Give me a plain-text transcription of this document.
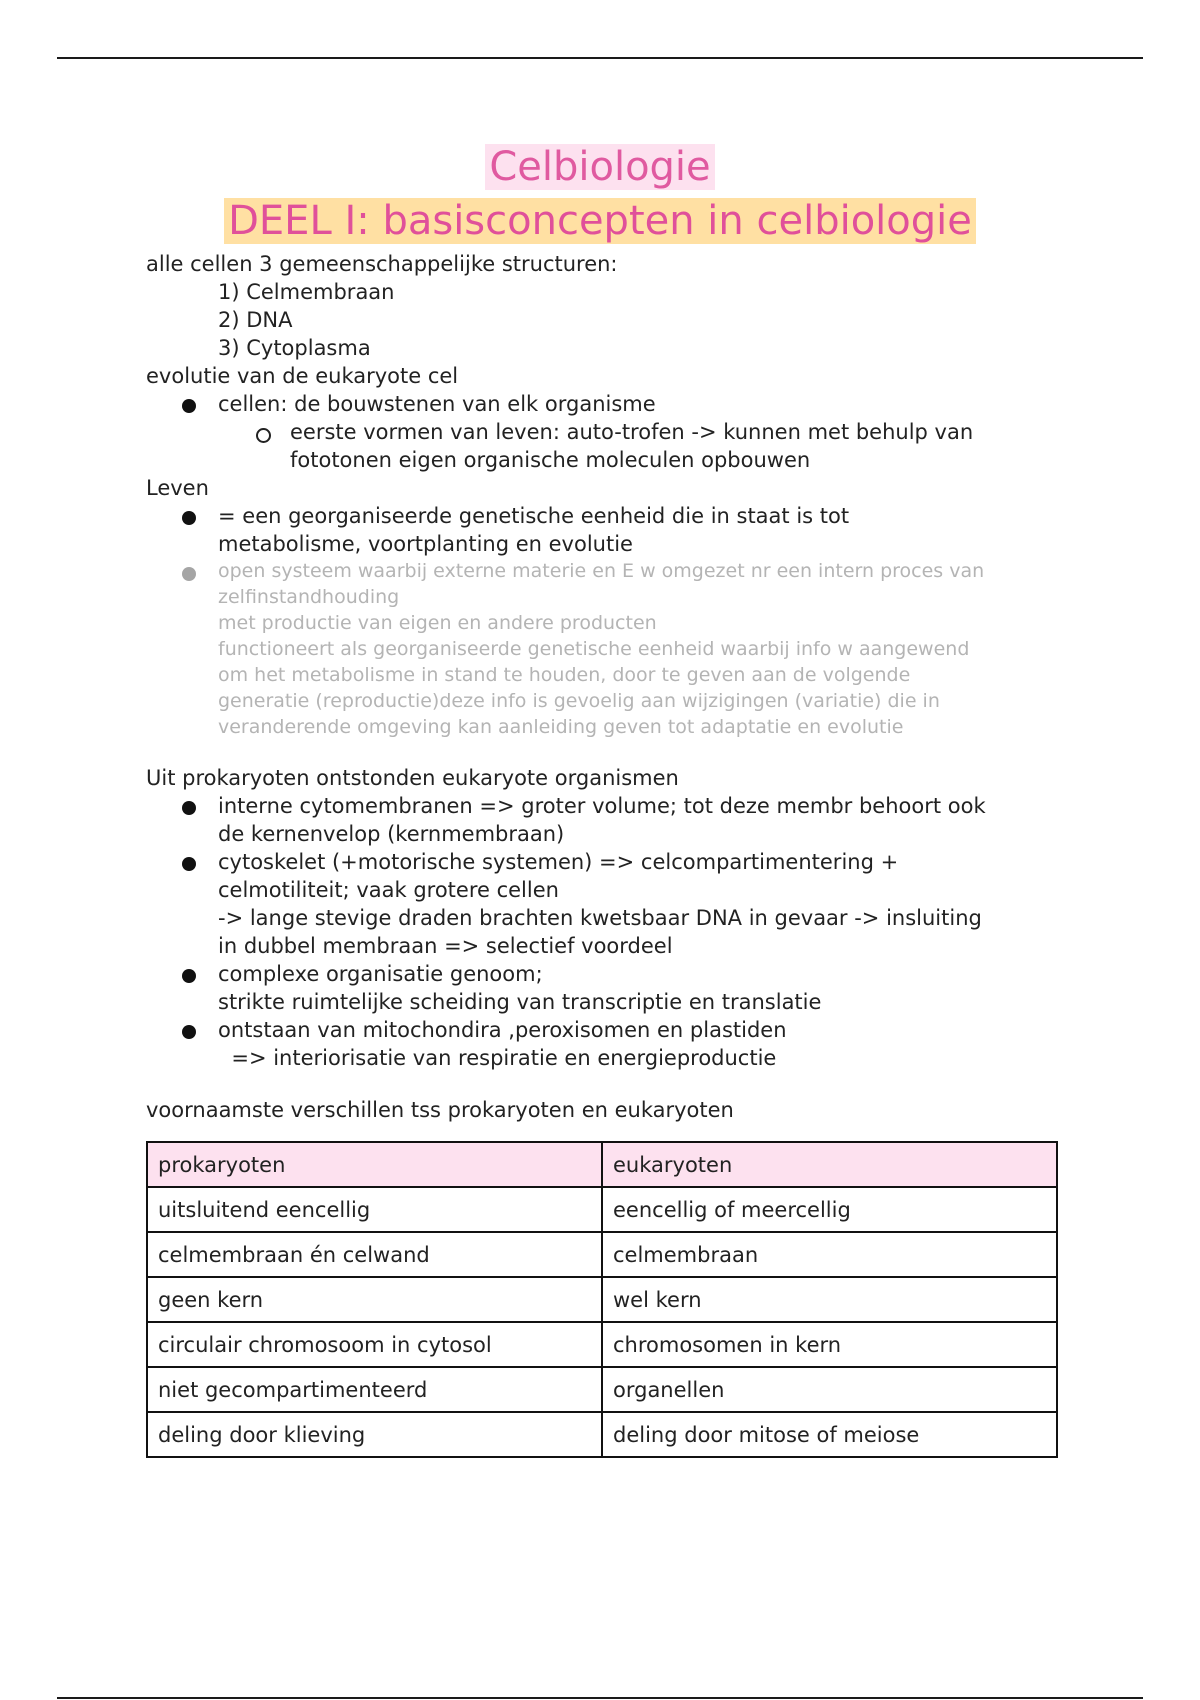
Celbiologie
DEEL I: basisconcepten in celbiologie
alle cellen 3 gemeenschappelijke structuren:
1) Celmembraan
2) DNA
3) Cytoplasma
evolutie van de eukaryote cel
cellen: de bouwstenen van elk organisme
eerste vormen van leven: auto-trofen -> kunnen met behulp van
fototonen eigen organische moleculen opbouwen
Leven
= een georganiseerde genetische eenheid die in staat is tot
metabolisme, voortplanting en evolutie
open systeem waarbij externe materie en E w omgezet nr een intern proces van
zelfinstandhouding
met productie van eigen en andere producten
functioneert als georganiseerde genetische eenheid waarbij info w aangewend
om het metabolisme in stand te houden, door te geven aan de volgende
generatie (reproductie)deze info is gevoelig aan wijzigingen (variatie) die in
veranderende omgeving kan aanleiding geven tot adaptatie en evolutie
Uit prokaryoten ontstonden eukaryote organismen
interne cytomembranen => groter volume; tot deze membr behoort ook
de kernenvelop (kernmembraan)
cytoskelet (+motorische systemen) => celcompartimentering +
celmotiliteit; vaak grotere cellen
-> lange stevige draden brachten kwetsbaar DNA in gevaar -> insluiting
in dubbel membraan => selectief voordeel
complexe organisatie genoom;
strikte ruimtelijke scheiding van transcriptie en translatie
ontstaan van mitochondira ,peroxisomen en plastiden
=> interiorisatie van respiratie en energieproductie
voornaamste verschillen tss prokaryoten en eukaryoten
prokaryoten	eukaryoten
uitsluitend eencellig	eencellig of meercellig
celmembraan én celwand	celmembraan
geen kern	wel kern
circulair chromosoom in cytosol	chromosomen in kern
niet gecompartimenteerd	organellen
deling door klieving	deling door mitose of meiose
